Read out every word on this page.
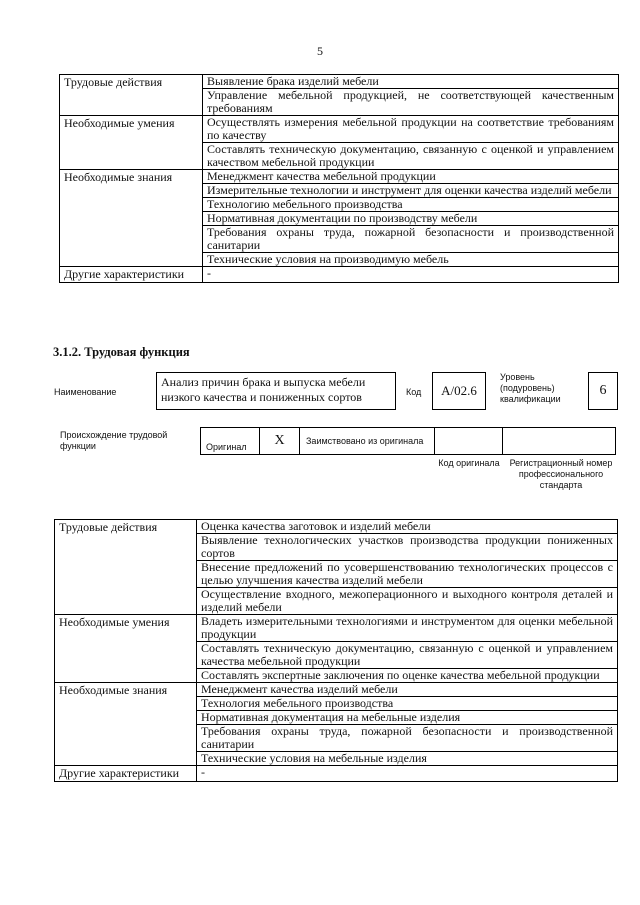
5
Трудовые действия	Выявление брака изделий мебели
	Управление мебельной продукцией, не соответствующей качественным требованиям
Необходимые умения	Осуществлять измерения мебельной продукции на соответствие требованиям по качеству
	Составлять техническую документацию, связанную с оценкой и управлением качеством мебельной продукции
Необходимые знания	Менеджмент качества мебельной продукции
	Измерительные технологии и инструмент для оценки качества изделий мебели
	Технологию мебельного производства
	Нормативная документации по производству мебели
	Требования охраны труда, пожарной безопасности и производственной санитарии
	Технические условия на производимую мебель
Другие характеристики	-
3.1.2. Трудовая функция
Наименование
Анализ причин брака и выпуска мебели низкого качества и пониженных сортов	Код	A/02.6
Уровень (подуровень) квалификации
6
Происхождение трудовой функции	Оригинал	X	Заимствовано из оригинала
Код оригинала	Регистрационный номер профессионального стандарта
Трудовые действия	Оценка качества заготовок и изделий мебели
	Выявление технологических участков производства продукции пониженных сортов
	Внесение предложений по усовершенствованию технологических процессов с целью улучшения качества изделий мебели
	Осуществление входного, межоперационного и выходного контроля деталей и изделий мебели
Необходимые умения	Владеть измерительными технологиями и инструментом для оценки мебельной продукции
	Составлять техническую документацию, связанную с оценкой и управлением качества мебельной продукции
	Составлять экспертные заключения по оценке качества мебельной продукции
Необходимые знания	Менеджмент качества изделий мебели
	Технология мебельного производства
	Нормативная документация на мебельные изделия
	Требования охраны труда, пожарной безопасности и производственной санитарии
	Технические условия на мебельные изделия
Другие характеристики	-
